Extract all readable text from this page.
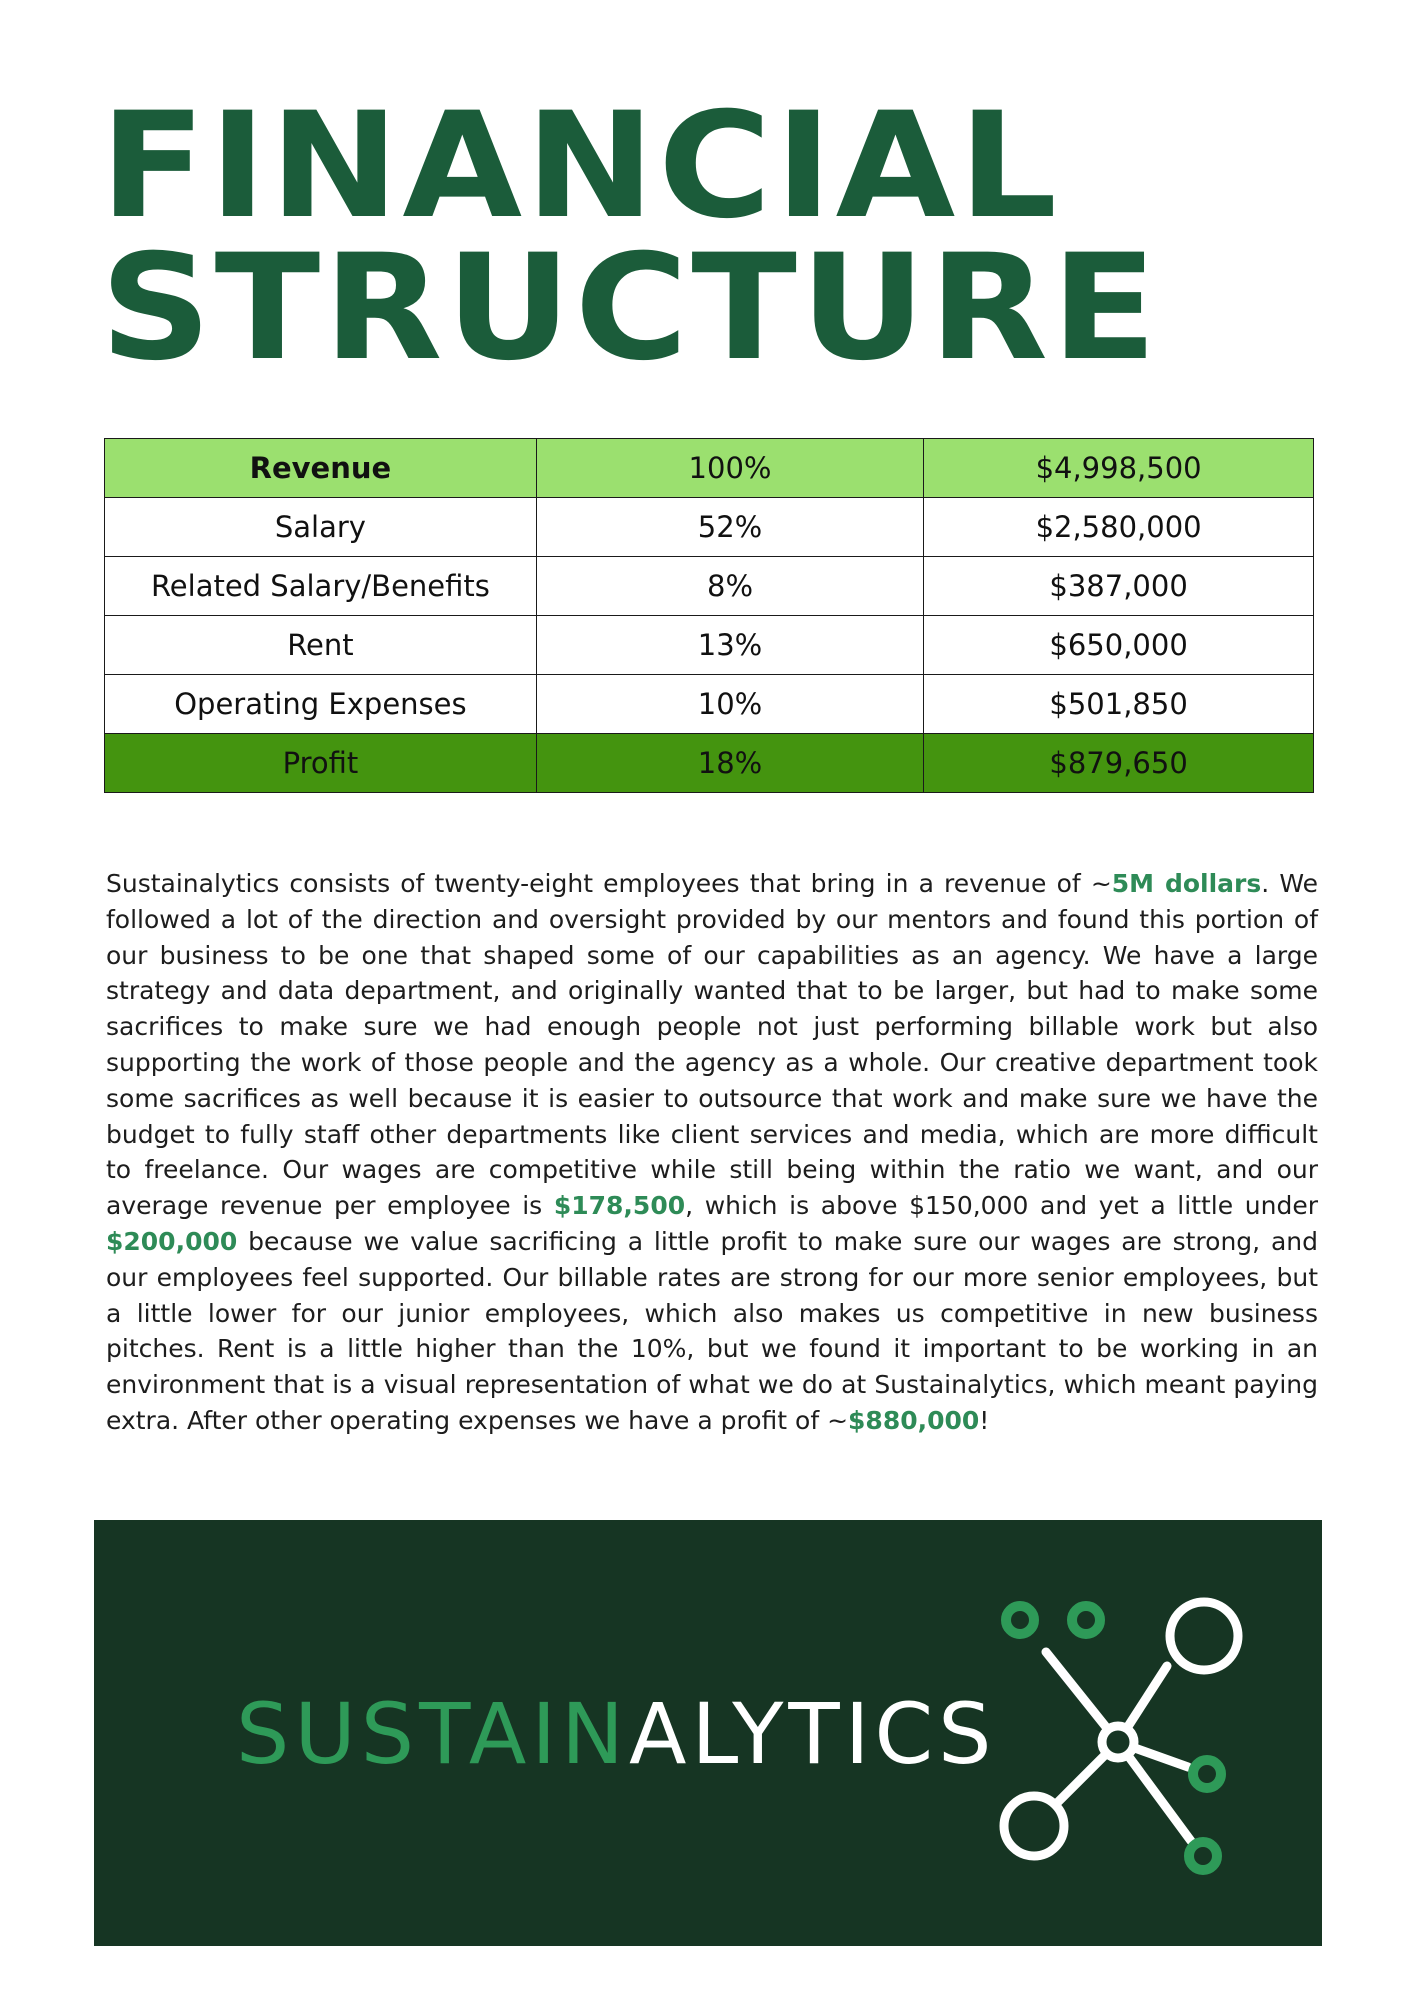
FINANCIAL
STRUCTURE
Revenue	100%	$4,998,500
Salary	52%	$2,580,000
Related Salary/Benefits	8%	$387,000
Rent	13%	$650,000
Operating Expenses	10%	$501,850
Profit	18%	$879,650

Sustainalytics consists of twenty-eight employees that bring in a revenue of ~5M dollars. We followed a lot of the direction and oversight provided by our mentors and found this portion of our business to be one that shaped some of our capabilities as an agency. We have a large strategy and data department, and originally wanted that to be larger, but had to make some sacrifices to make sure we had enough people not just performing billable work but also supporting the work of those people and the agency as a whole. Our creative department took some sacrifices as well because it is easier to outsource that work and make sure we have the budget to fully staff other departments like client services and media, which are more difficult to freelance. Our wages are competitive while still being within the ratio we want, and our average revenue per employee is $178,500, which is above $150,000 and yet a little under $200,000 because we value sacrificing a little profit to make sure our wages are strong, and our employees feel supported. Our billable rates are strong for our more senior employees, but a little lower for our junior employees, which also makes us competitive in new business pitches. Rent is a little higher than the 10%, but we found it important to be working in an environment that is a visual representation of what we do at Sustainalytics, which meant paying extra. After other operating expenses we have a profit of ~$880,000!

SUSTAINALYTICS
